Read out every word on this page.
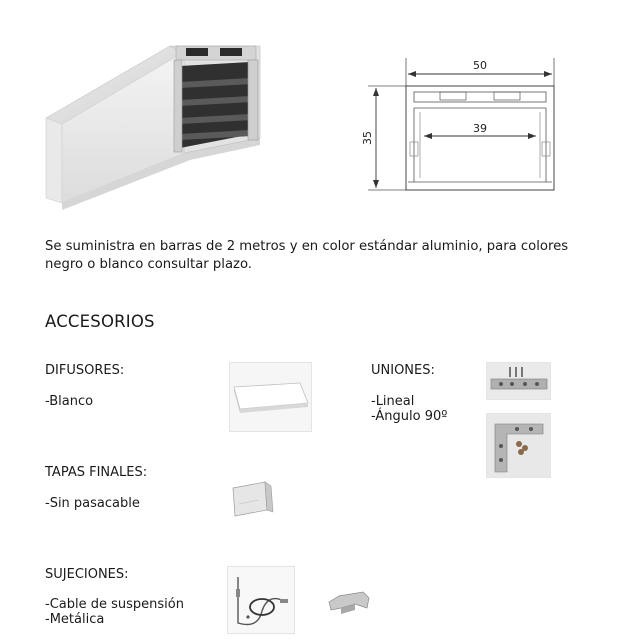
50
35
39
Se suministra en barras de 2 metros y en color estándar aluminio, para colores
negro o blanco consultar plazo.
ACCESORIOS
DIFUSORES:
-Blanco
UNIONES:
-Lineal
-Ángulo 90º
TAPAS FINALES:
-Sin pasacable
SUJECIONES:
-Cable de suspensión
-Metálica
